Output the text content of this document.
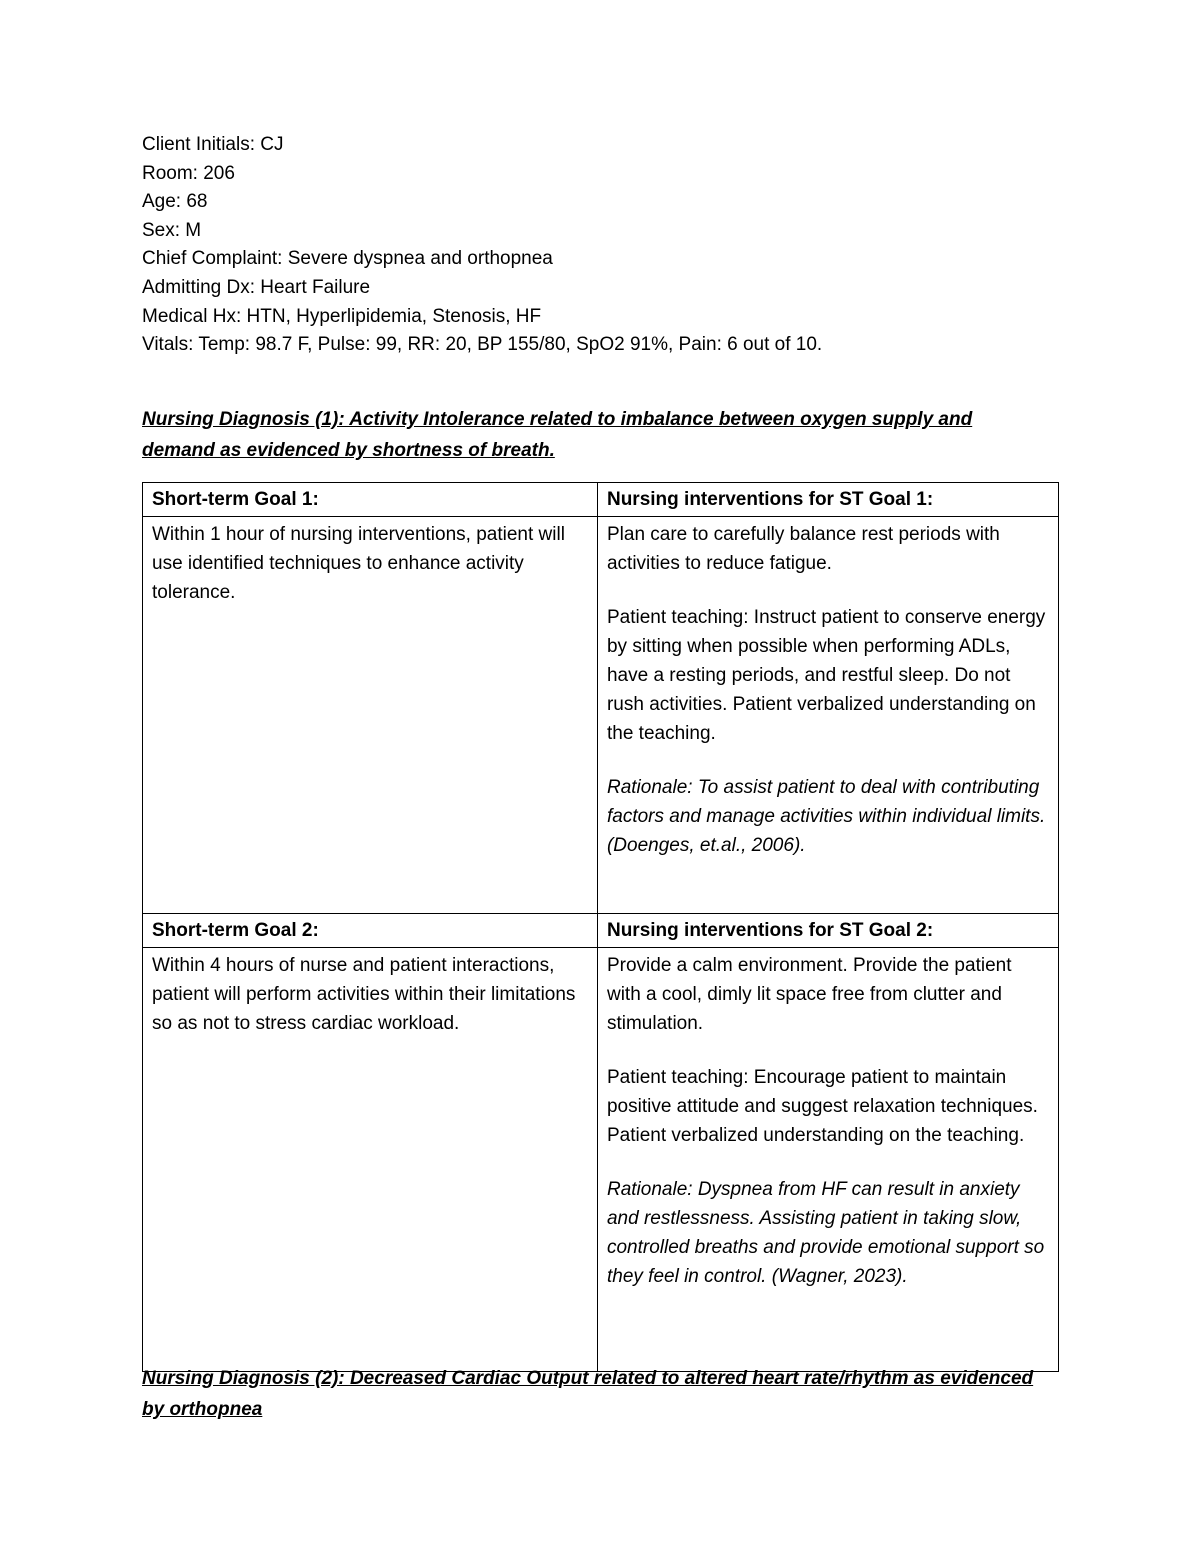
Client Initials: CJ
Room: 206
Age: 68
Sex: M
Chief Complaint: Severe dyspnea and orthopnea
Admitting Dx: Heart Failure
Medical Hx: HTN, Hyperlipidemia, Stenosis, HF
Vitals: Temp: 98.7 F, Pulse: 99, RR: 20, BP 155/80, SpO2 91%, Pain: 6 out of 10.
Nursing Diagnosis (1): Activity Intolerance related to imbalance between oxygen supply and demand as evidenced by shortness of breath.
Short-term Goal 1:	Nursing interventions for ST Goal 1:
Within 1 hour of nursing interventions, patient will use identified techniques to enhance activity tolerance.	Plan care to carefully balance rest periods with activities to reduce fatigue.

Patient teaching: Instruct patient to conserve energy by sitting when possible when performing ADLs, have a resting periods, and restful sleep. Do not rush activities. Patient verbalized understanding on the teaching.

Rationale: To assist patient to deal with contributing factors and manage activities within individual limits. (Doenges, et.al., 2006).

Short-term Goal 2:	Nursing interventions for ST Goal 2:
Within 4 hours of nurse and patient interactions, patient will perform activities within their limitations so as not to stress cardiac workload.	Provide a calm environment. Provide the patient with a cool, dimly lit space free from clutter and stimulation.

Patient teaching: Encourage patient to maintain positive attitude and suggest relaxation techniques. Patient verbalized understanding on the teaching.

Rationale: Dyspnea from HF can result in anxiety and restlessness. Assisting patient in taking slow, controlled breaths and provide emotional support so they feel in control. (Wagner, 2023).

Nursing Diagnosis (2): Decreased Cardiac Output related to altered heart rate/rhythm as evidenced by orthopnea
